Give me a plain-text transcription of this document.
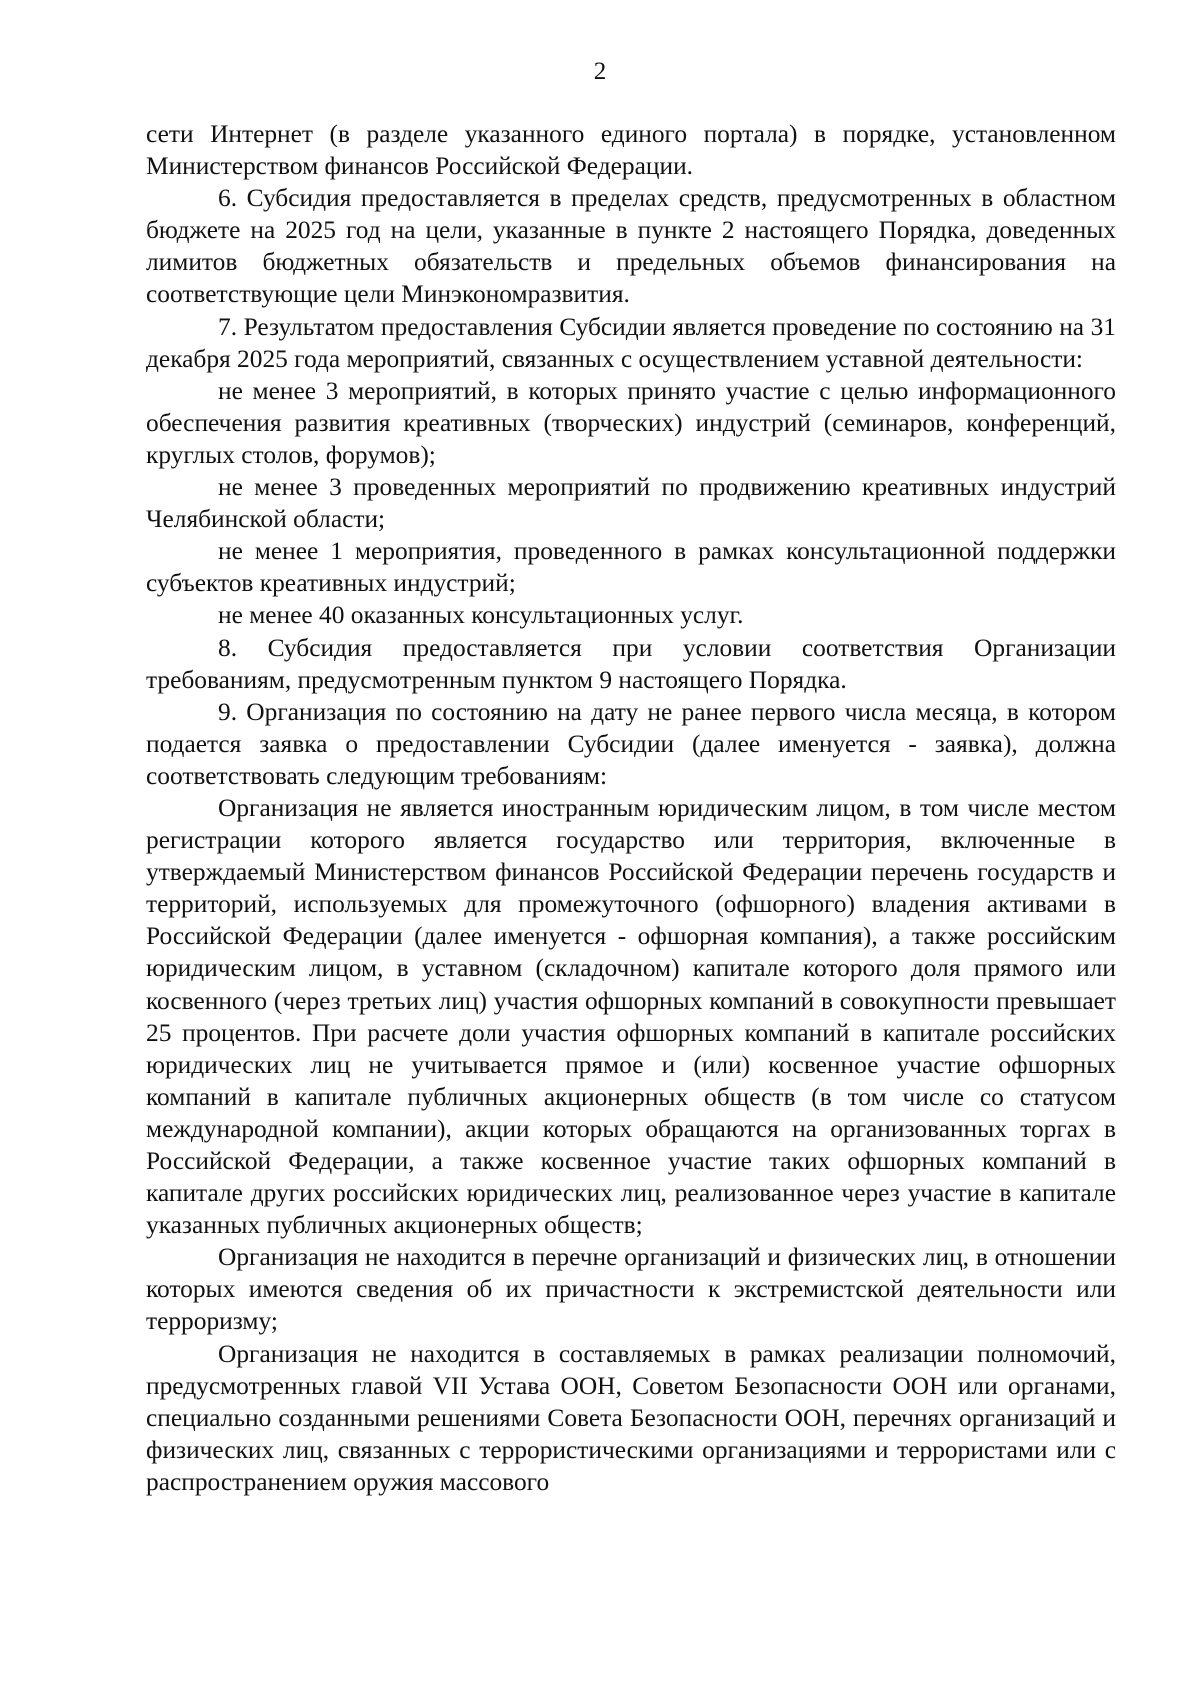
2

сети Интернет (в разделе указанного единого портала) в порядке, установленном Министерством финансов Российской Федерации.

6. Субсидия предоставляется в пределах средств, предусмотренных в областном бюджете на 2025 год на цели, указанные в пункте 2 настоящего Порядка, доведенных лимитов бюджетных обязательств и предельных объемов финансирования на соответствующие цели Минэкономразвития.

7. Результатом предоставления Субсидии является проведение по состоянию на 31 декабря 2025 года мероприятий, связанных с осуществлением уставной деятельности:

не менее 3 мероприятий, в которых принято участие с целью информационного обеспечения развития креативных (творческих) индустрий (семинаров, конференций, круглых столов, форумов);

не менее 3 проведенных мероприятий по продвижению креативных индустрий Челябинской области;

не менее 1 мероприятия, проведенного в рамках консультационной поддержки субъектов креативных индустрий;

не менее 40 оказанных консультационных услуг.

8. Субсидия предоставляется при условии соответствия Организации требованиям, предусмотренным пунктом 9 настоящего Порядка.

9. Организация по состоянию на дату не ранее первого числа месяца, в котором подается заявка о предоставлении Субсидии (далее именуется - заявка), должна соответствовать следующим требованиям:

Организация не является иностранным юридическим лицом, в том числе местом регистрации которого является государство или территория, включенные в утверждаемый Министерством финансов Российской Федерации перечень государств и территорий, используемых для промежуточного (офшорного) владения активами в Российской Федерации (далее именуется - офшорная компания), а также российским юридическим лицом, в уставном (складочном) капитале которого доля прямого или косвенного (через третьих лиц) участия офшорных компаний в совокупности превышает 25 процентов. При расчете доли участия офшорных компаний в капитале российских юридических лиц не учитывается прямое и (или) косвенное участие офшорных компаний в капитале публичных акционерных обществ (в том числе со статусом международной компании), акции которых обращаются на организованных торгах в Российской Федерации, а также косвенное участие таких офшорных компаний в капитале других российских юридических лиц, реализованное через участие в капитале указанных публичных акционерных обществ;

Организация не находится в перечне организаций и физических лиц, в отношении которых имеются сведения об их причастности к экстремистской деятельности или терроризму;

Организация не находится в составляемых в рамках реализации полномочий, предусмотренных главой VII Устава ООН, Советом Безопасности ООН или органами, специально созданными решениями Совета Безопасности ООН, перечнях организаций и физических лиц, связанных с террористическими организациями и террористами или с распространением оружия массового
